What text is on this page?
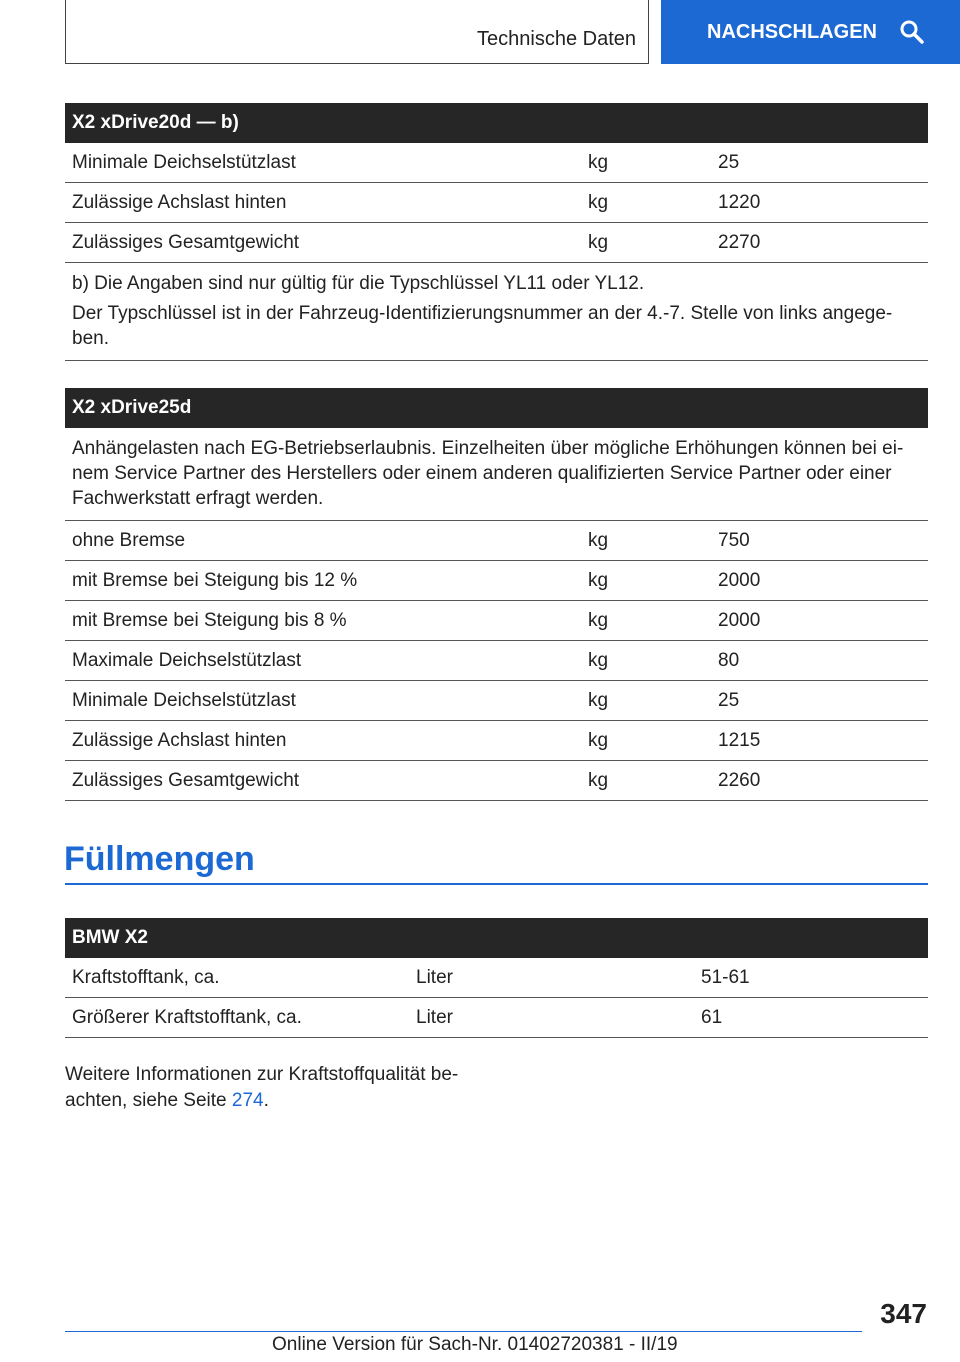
Technische Daten	NACHSCHLAGEN
X2 xDrive20d — b)		
Minimale Deichselstützlast	kg	25
Zulässige Achslast hinten	kg	1220
Zulässiges Gesamtgewicht	kg	2270

b) Die Angaben sind nur gültig für die Typschlüssel YL11 oder YL12.

Der Typschlüssel ist in der Fahrzeug-Identifizierungsnummer an der 4.-7. Stelle von links angege-ben.		

X2 xDrive25d		
Anhängelasten nach EG-Betriebserlaubnis. Einzelheiten über mögliche Erhöhungen können bei ei-nem Service Partner des Herstellers oder einem anderen qualifizierten Service Partner oder einer Fachwerkstatt erfragt werden.		
ohne Bremse	kg	750
mit Bremse bei Steigung bis 12 %	kg	2000
mit Bremse bei Steigung bis 8 %	kg	2000
Maximale Deichselstützlast	kg	80
Minimale Deichselstützlast	kg	25
Zulässige Achslast hinten	kg	1215
Zulässiges Gesamtgewicht	kg	2260
Füllmengen
BMW X2		
Kraftstofftank, ca.	Liter	51-61
Größerer Kraftstofftank, ca.	Liter	61
Weitere Informationen zur Kraftstoffqualität be-achten, siehe Seite 274.
347
Online Version für Sach-Nr. 01402720381 - II/19
